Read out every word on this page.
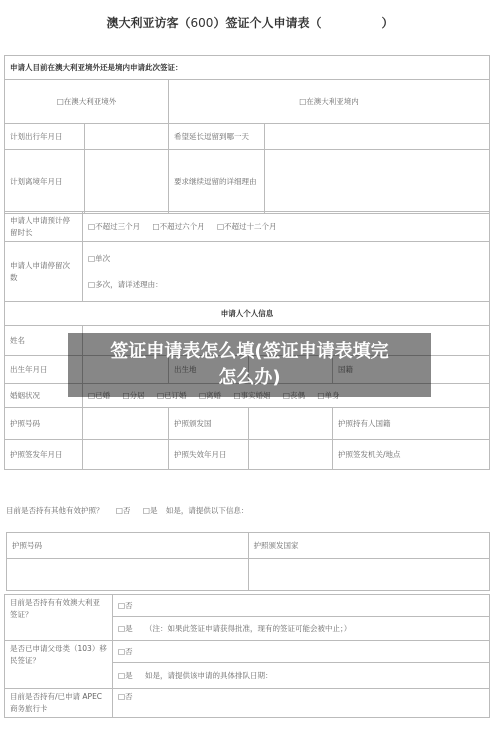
澳大利亚访客（600）签证个人申请表（	）
申请人目前在澳大利亚境外还是境内申请此次签证：			
□在澳大利亚境外		□在澳大利亚境内	
计划出行年月日		希望延长逗留到哪一天	
计划离境年月日		要求继续逗留的详细理由	
申请人申请预计停留时长	□不超过三个月 □不超过六个月 □不超过十二个月			
申请人申请停留次数	□单次
□多次，请详述理由：			

申请人个人信息				
姓名				
出生年月日		出生地		国籍
婚姻状况	□已婚 □分居 □已订婚 □离婚 □事实婚姻 □丧偶 □单身			
护照号码		护照颁发国		护照持有人国籍
护照签发年月日		护照失效年月日		护照签发机关/地点
目前是否持有其他有效护照？ □否 □是 如是，请提供以下信息：
护照号码	护照颁发国家

目前是否持有有效澳大利亚签证？	□否
	□是 （注：如果此签证申请获得批准，现有的签证可能会被中止；）
是否已申请父母类（103）移民签证？	□否
	□是 如是，请提供该申请的具体排队日期：
目前是否持有/已申请 APEC 商务旅行卡	□否
签证申请表怎么填(签证申请表填完
怎么办)
